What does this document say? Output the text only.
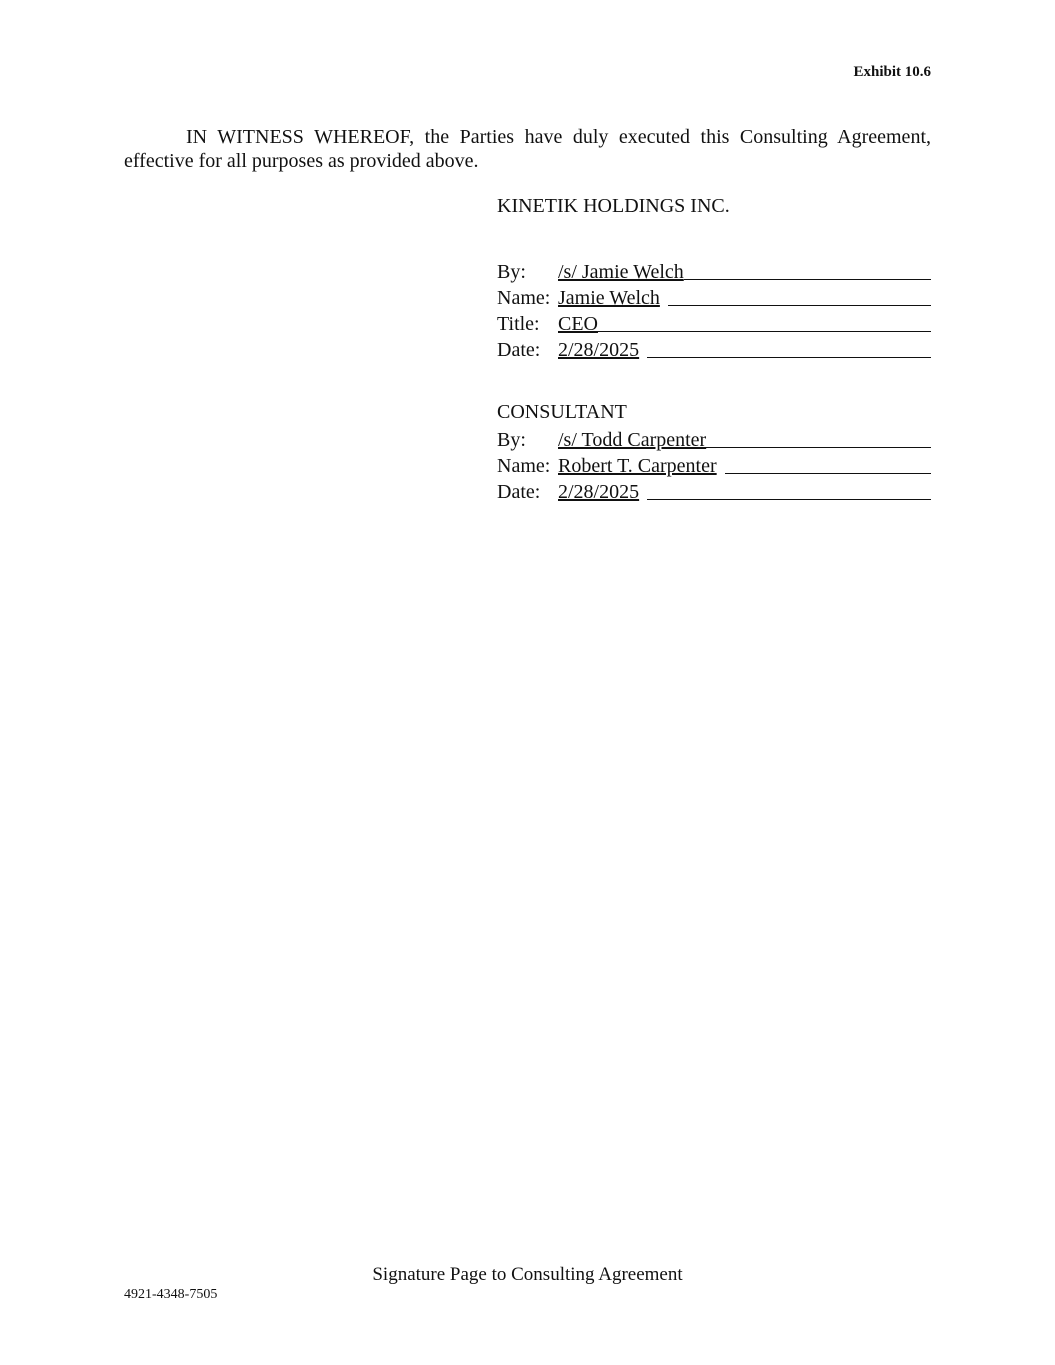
Exhibit 10.6

IN WITNESS WHEREOF, the Parties have duly executed this Consulting Agreement, effective for all purposes as provided above.

KINETIK HOLDINGS INC.
By:	/s/ Jamie Welch
Name: Jamie Welch
Title: CEO
Date: 2/28/2025
CONSULTANT
By:	/s/ Todd Carpenter
Name: Robert T. Carpenter
Date: 2/28/2025
Signature Page to Consulting Agreement
4921-4348-7505
